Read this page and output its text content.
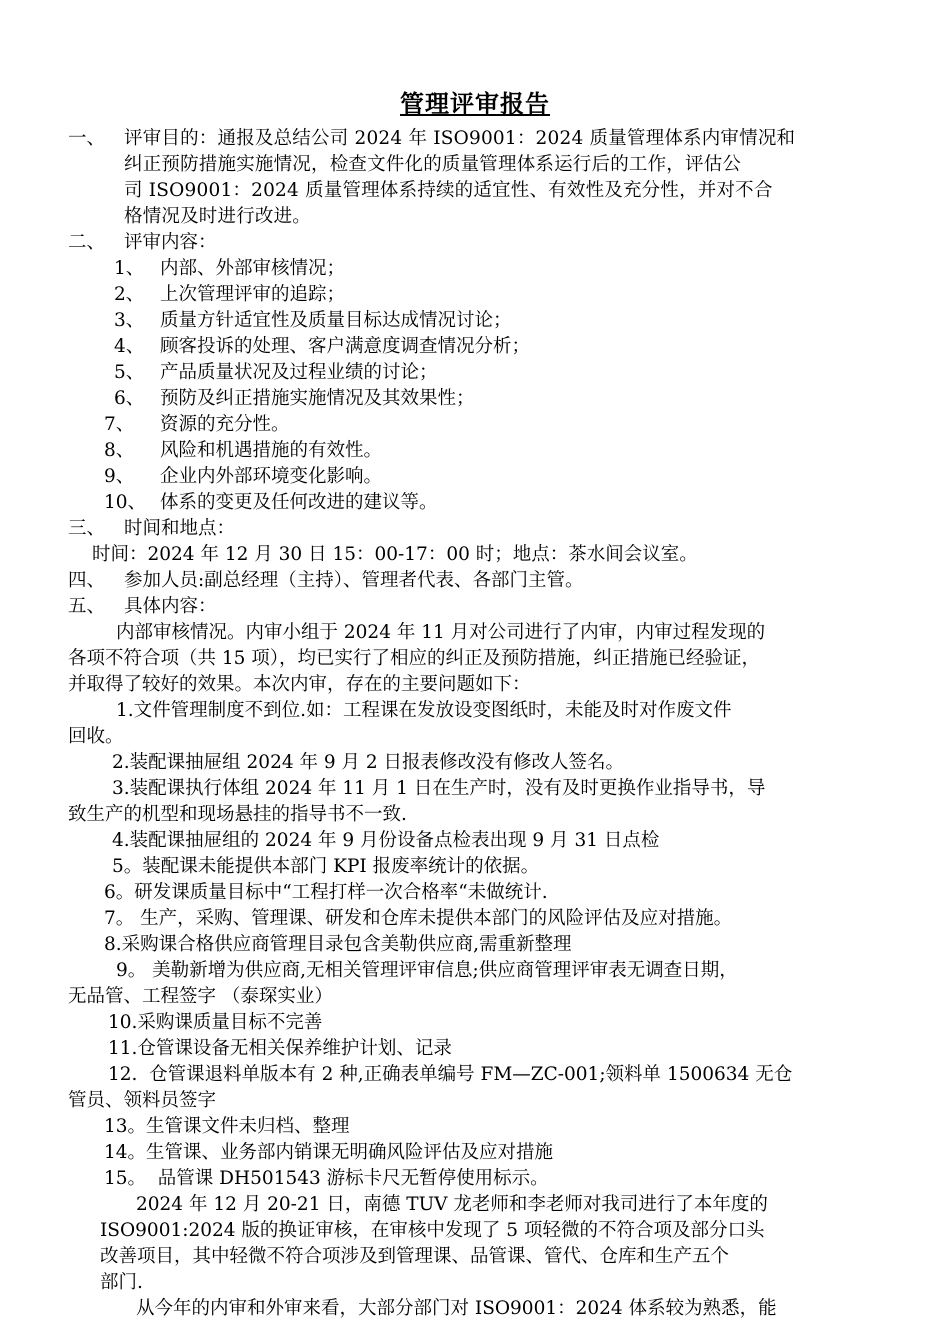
管理评审报告
一、 评审目的：通报及总结公司 2024 年 ISO9001：2024 质量管理体系内审情况和
纠正预防措施实施情况，检查文件化的质量管理体系运行后的工作，评估公
司 ISO9001：2024 质量管理体系持续的适宜性、有效性及充分性，并对不合
格情况及时进行改进。
二、 评审内容：
1、 内部、外部审核情况；
2、 上次管理评审的追踪；
3、 质量方针适宜性及质量目标达成情况讨论；
4、 顾客投诉的处理、客户满意度调查情况分析；
5、 产品质量状况及过程业绩的讨论；
6、 预防及纠正措施实施情况及其效果性；
7、 资源的充分性。
8、 风险和机遇措施的有效性。
9、 企业内外部环境变化影响。
10、 体系的变更及任何改进的建议等。
三、 时间和地点：
时间：2024 年 12 月 30 日 15：00-17：00 时；地点：茶水间会议室。
四、 参加人员:副总经理（主持）、管理者代表、各部门主管。
五、 具体内容：
内部审核情况。内审小组于 2024 年 11 月对公司进行了内审，内审过程发现的
各项不符合项（共 15 项），均已实行了相应的纠正及预防措施，纠正措施已经验证，
并取得了较好的效果。本次内审，存在的主要问题如下：
1.文件管理制度不到位.如：工程课在发放设变图纸时，未能及时对作废文件
回收。
2.装配课抽屉组 2024 年 9 月 2 日报表修改没有修改人签名。
3.装配课执行体组 2024 年 11 月 1 日在生产时，没有及时更换作业指导书，导
致生产的机型和现场悬挂的指导书不一致.
4.装配课抽屉组的 2024 年 9 月份设备点检表出现 9 月 31 日点检
5。装配课未能提供本部门 KPI 报废率统计的依据。
6。研发课质量目标中“工程打样一次合格率“未做统计.
7。 生产，采购、管理课、研发和仓库未提供本部门的风险评估及应对措施。
8.采购课合格供应商管理目录包含美勒供应商,需重新整理
9。 美勒新增为供应商,无相关管理评审信息;供应商管理评审表无调查日期，
无品管、工程签字 （泰琛实业）
10.采购课质量目标不完善
11.仓管课设备无相关保养维护计划、记录
12.  仓管课退料单版本有 2 种,正确表单编号 FM—ZC-001;领料单 1500634 无仓
管员、领料员签字
13。生管课文件未归档、整理
14。生管课、业务部内销课无明确风险评估及应对措施
15。  品管课 DH501543 游标卡尺无暂停使用标示。
2024 年 12 月 20-21 日，南德 TUV 龙老师和李老师对我司进行了本年度的
ISO9001:2024 版的换证审核，在审核中发现了 5 项轻微的不符合项及部分口头
改善项目，其中轻微不符合项涉及到管理课、品管课、管代、仓库和生产五个
部门.
从今年的内审和外审来看，大部分部门对 ISO9001：2024 体系较为熟悉，能
